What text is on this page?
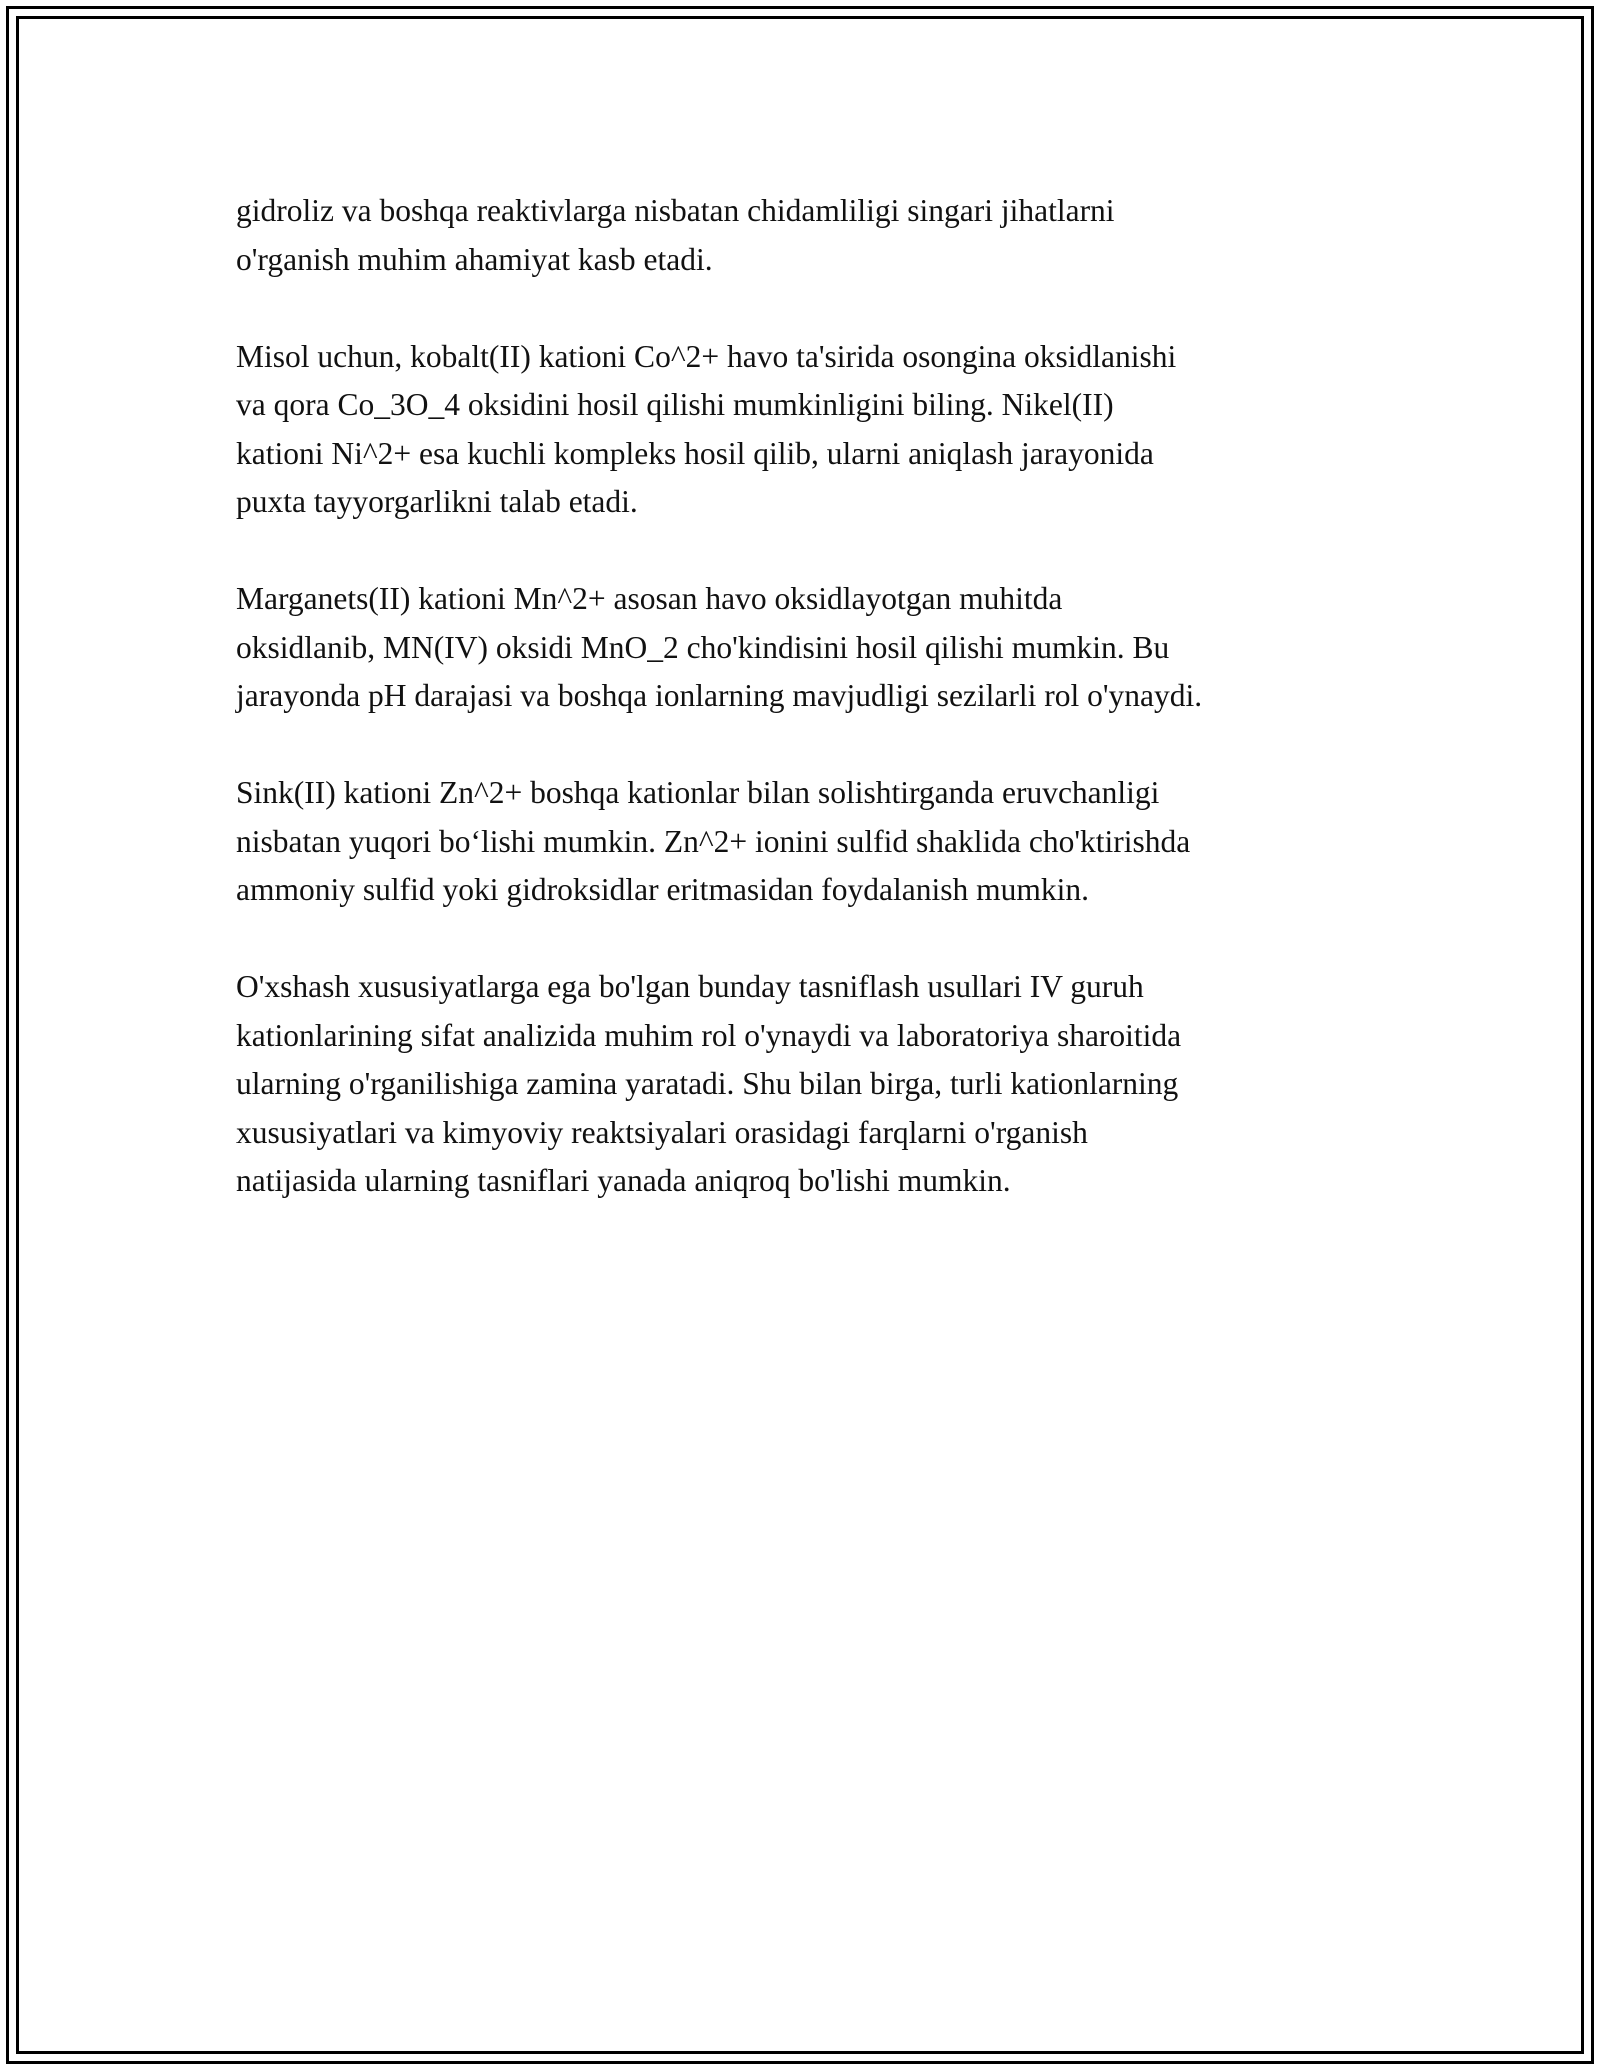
gidroliz va boshqa reaktivlarga nisbatan chidamliligi singari jihatlarni
o'rganish muhim ahamiyat kasb etadi.

Misol uchun, kobalt(II) kationi Co^2+ havo ta'sirida osongina oksidlanishi
va qora Co_3O_4 oksidini hosil qilishi mumkinligini biling. Nikel(II)
kationi Ni^2+ esa kuchli kompleks hosil qilib, ularni aniqlash jarayonida
puxta tayyorgarlikni talab etadi.

Marganets(II) kationi Mn^2+ asosan havo oksidlayotgan muhitda
oksidlanib, MN(IV) oksidi MnO_2 cho'kindisini hosil qilishi mumkin. Bu
jarayonda pH darajasi va boshqa ionlarning mavjudligi sezilarli rol o'ynaydi.

Sink(II) kationi Zn^2+ boshqa kationlar bilan solishtirganda eruvchanligi
nisbatan yuqori bo‘lishi mumkin. Zn^2+ ionini sulfid shaklida cho'ktirishda
ammoniy sulfid yoki gidroksidlar eritmasidan foydalanish mumkin.

O'xshash xususiyatlarga ega bo'lgan bunday tasniflash usullari IV guruh
kationlarining sifat analizida muhim rol o'ynaydi va laboratoriya sharoitida
ularning o'rganilishiga zamina yaratadi. Shu bilan birga, turli kationlarning
xususiyatlari va kimyoviy reaktsiyalari orasidagi farqlarni o'rganish
natijasida ularning tasniflari yanada aniqroq bo'lishi mumkin.
